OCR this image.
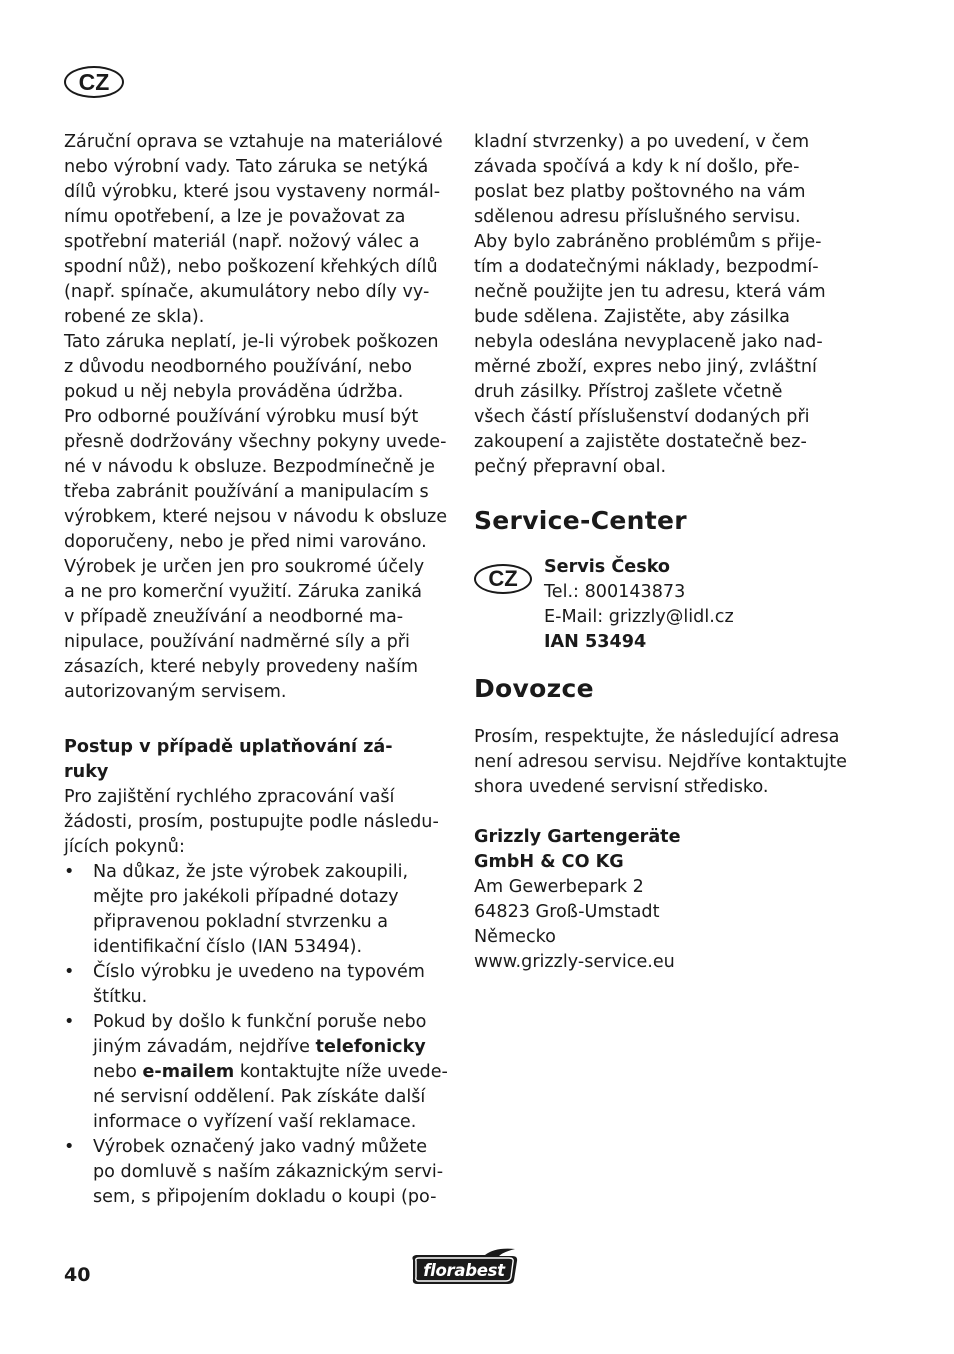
CZ
Záruční oprava se vztahuje na materiálové
nebo výrobní vady. Tato záruka se netýká
dílů výrobku, které jsou vystaveny normál-
nímu opotřebení, a lze je považovat za
spotřební materiál (např. nožový válec a
spodní nůž), nebo poškození křehkých dílů
(např. spínače, akumulátory nebo díly vy-
robené ze skla).
Tato záruka neplatí, je-li výrobek poškozen
z důvodu neodborného používání, nebo
pokud u něj nebyla prováděna údržba.
Pro odborné používání výrobku musí být
přesně dodržovány všechny pokyny uvede-
né v návodu k obsluze. Bezpodmínečně je
třeba zabránit používání a manipulacím s
výrobkem, které nejsou v návodu k obsluze
doporučeny, nebo je před nimi varováno.
Výrobek je určen jen pro soukromé účely
a ne pro komerční využití. Záruka zaniká
v případě zneužívání a neodborné ma-
nipulace, používání nadměrné síly a při
zásazích, které nebyly provedeny naším
autorizovaným servisem.
Postup v případě uplatňování zá-
ruky
Pro zajištění rychlého zpracování vaší
žádosti, prosím, postupujte podle následu-
jících pokynů:
• Na důkaz, že jste výrobek zakoupili,
mějte pro jakékoli případné dotazy
připravenou pokladní stvrzenku a
identifikační číslo (IAN 53494).
• Číslo výrobku je uvedeno na typovém
štítku.
• Pokud by došlo k funkční poruše nebo
jiným závadám, nejdříve telefonicky
nebo e-mailem kontaktujte níže uvede-
né servisní oddělení. Pak získáte další
informace o vyřízení vaší reklamace.
• Výrobek označený jako vadný můžete
po domluvě s naším zákaznickým servi-
sem, s připojením dokladu o koupi (po-
kladní stvrzenky) a po uvedení, v čem
závada spočívá a kdy k ní došlo, pře-
poslat bez platby poštovného na vám
sdělenou adresu příslušného servisu.
Aby bylo zabráněno problémům s přije-
tím a dodatečnými náklady, bezpodmí-
nečně použijte jen tu adresu, která vám
bude sdělena. Zajistěte, aby zásilka
nebyla odeslána nevyplaceně jako nad-
měrné zboží, expres nebo jiný, zvláštní
druh zásilky. Přístroj zašlete včetně
všech částí příslušenství dodaných při
zakoupení a zajistěte dostatečně bez-
pečný přepravní obal.
Service-Center
Servis Česko
Tel.: 800143873
E-Mail: grizzly@lidl.cz
IAN 53494
Dovozce
Prosím, respektujte, že následující adresa
není adresou servisu. Nejdříve kontaktujte
shora uvedené servisní středisko.
Grizzly Gartengeräte
GmbH & CO KG
Am Gewerbepark 2
64823 Groß-Umstadt
Německo
www.grizzly-service.eu
CZ
40	florabest
